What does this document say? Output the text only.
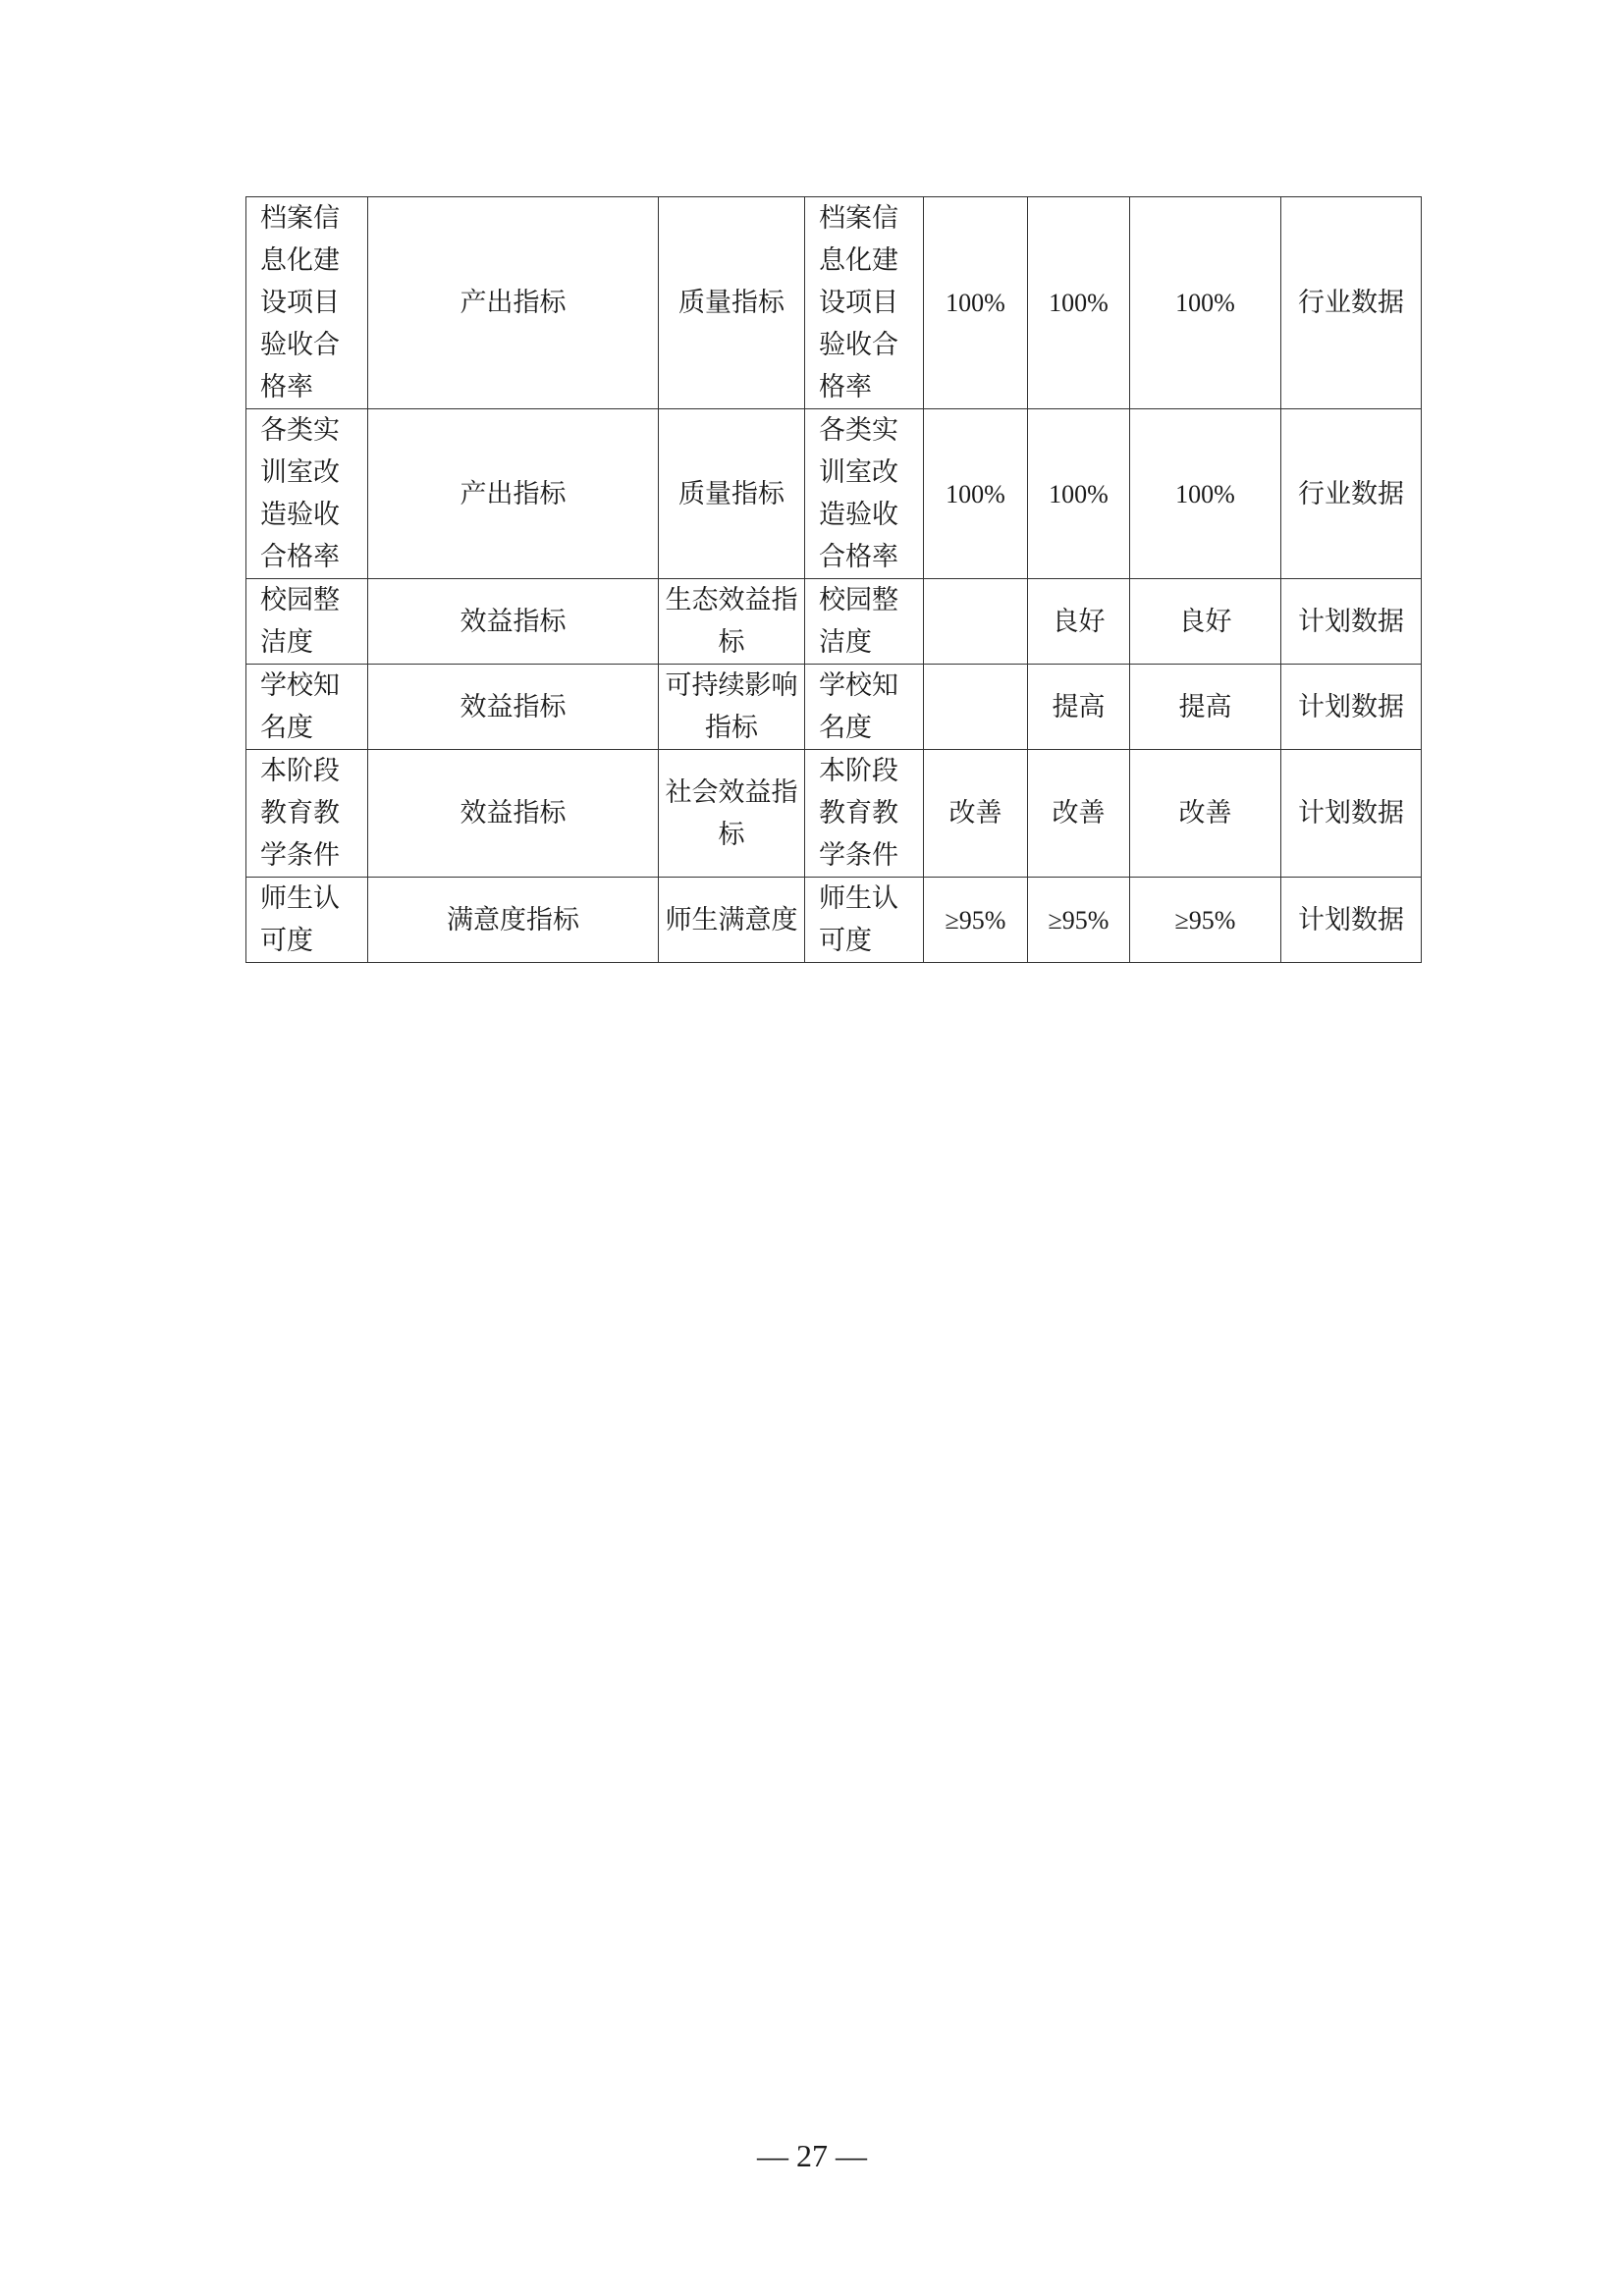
档案信息化建设项目验收合格率	产出指标	质量指标	档案信息化建设项目验收合格率	100%	100%	100%	行业数据
各类实训室改造验收合格率	产出指标	质量指标	各类实训室改造验收合格率	100%	100%	100%	行业数据
校园整洁度	效益指标	生态效益指标	校园整洁度		良好	良好	计划数据
学校知名度	效益指标	可持续影响指标	学校知名度		提高	提高	计划数据
本阶段教育教学条件	效益指标	社会效益指标	本阶段教育教学条件	改善	改善	改善	计划数据
师生认可度	满意度指标	师生满意度	师生认可度	≥95%	≥95%	≥95%	计划数据
— 27 —
